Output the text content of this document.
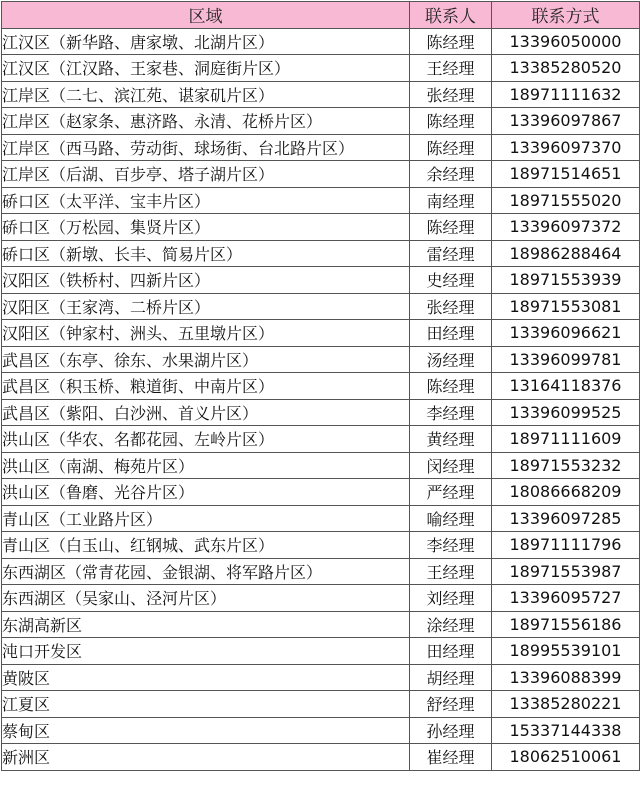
区域	联系人	联系方式
江汉区（新华路、唐家墩、北湖片区）	陈经理	13396050000
江汉区（江汉路、王家巷、洞庭街片区）	王经理	13385280520
江岸区（二七、滨江苑、谌家矶片区）	张经理	18971111632
江岸区（赵家条、惠济路、永清、花桥片区）	陈经理	13396097867
江岸区（西马路、劳动街、球场街、台北路片区）	陈经理	13396097370
江岸区（后湖、百步亭、塔子湖片区）	余经理	18971514651
硚口区（太平洋、宝丰片区）	南经理	18971555020
硚口区（万松园、集贤片区）	陈经理	13396097372
硚口区（新墩、长丰、简易片区）	雷经理	18986288464
汉阳区（铁桥村、四新片区）	史经理	18971553939
汉阳区（王家湾、二桥片区）	张经理	18971553081
汉阳区（钟家村、洲头、五里墩片区）	田经理	13396096621
武昌区（东亭、徐东、水果湖片区）	汤经理	13396099781
武昌区（积玉桥、粮道街、中南片区）	陈经理	13164118376
武昌区（紫阳、白沙洲、首义片区）	李经理	13396099525
洪山区（华农、名都花园、左岭片区）	黄经理	18971111609
洪山区（南湖、梅苑片区）	闵经理	18971553232
洪山区（鲁磨、光谷片区）	严经理	18086668209
青山区（工业路片区）	喻经理	13396097285
青山区（白玉山、红钢城、武东片区）	李经理	18971111796
东西湖区（常青花园、金银湖、将军路片区）	王经理	18971553987
东西湖区（吴家山、泾河片区）	刘经理	13396095727
东湖高新区	涂经理	18971556186
沌口开发区	田经理	18995539101
黄陂区	胡经理	13396088399
江夏区	舒经理	13385280221
蔡甸区	孙经理	15337144338
新洲区	崔经理	18062510061
